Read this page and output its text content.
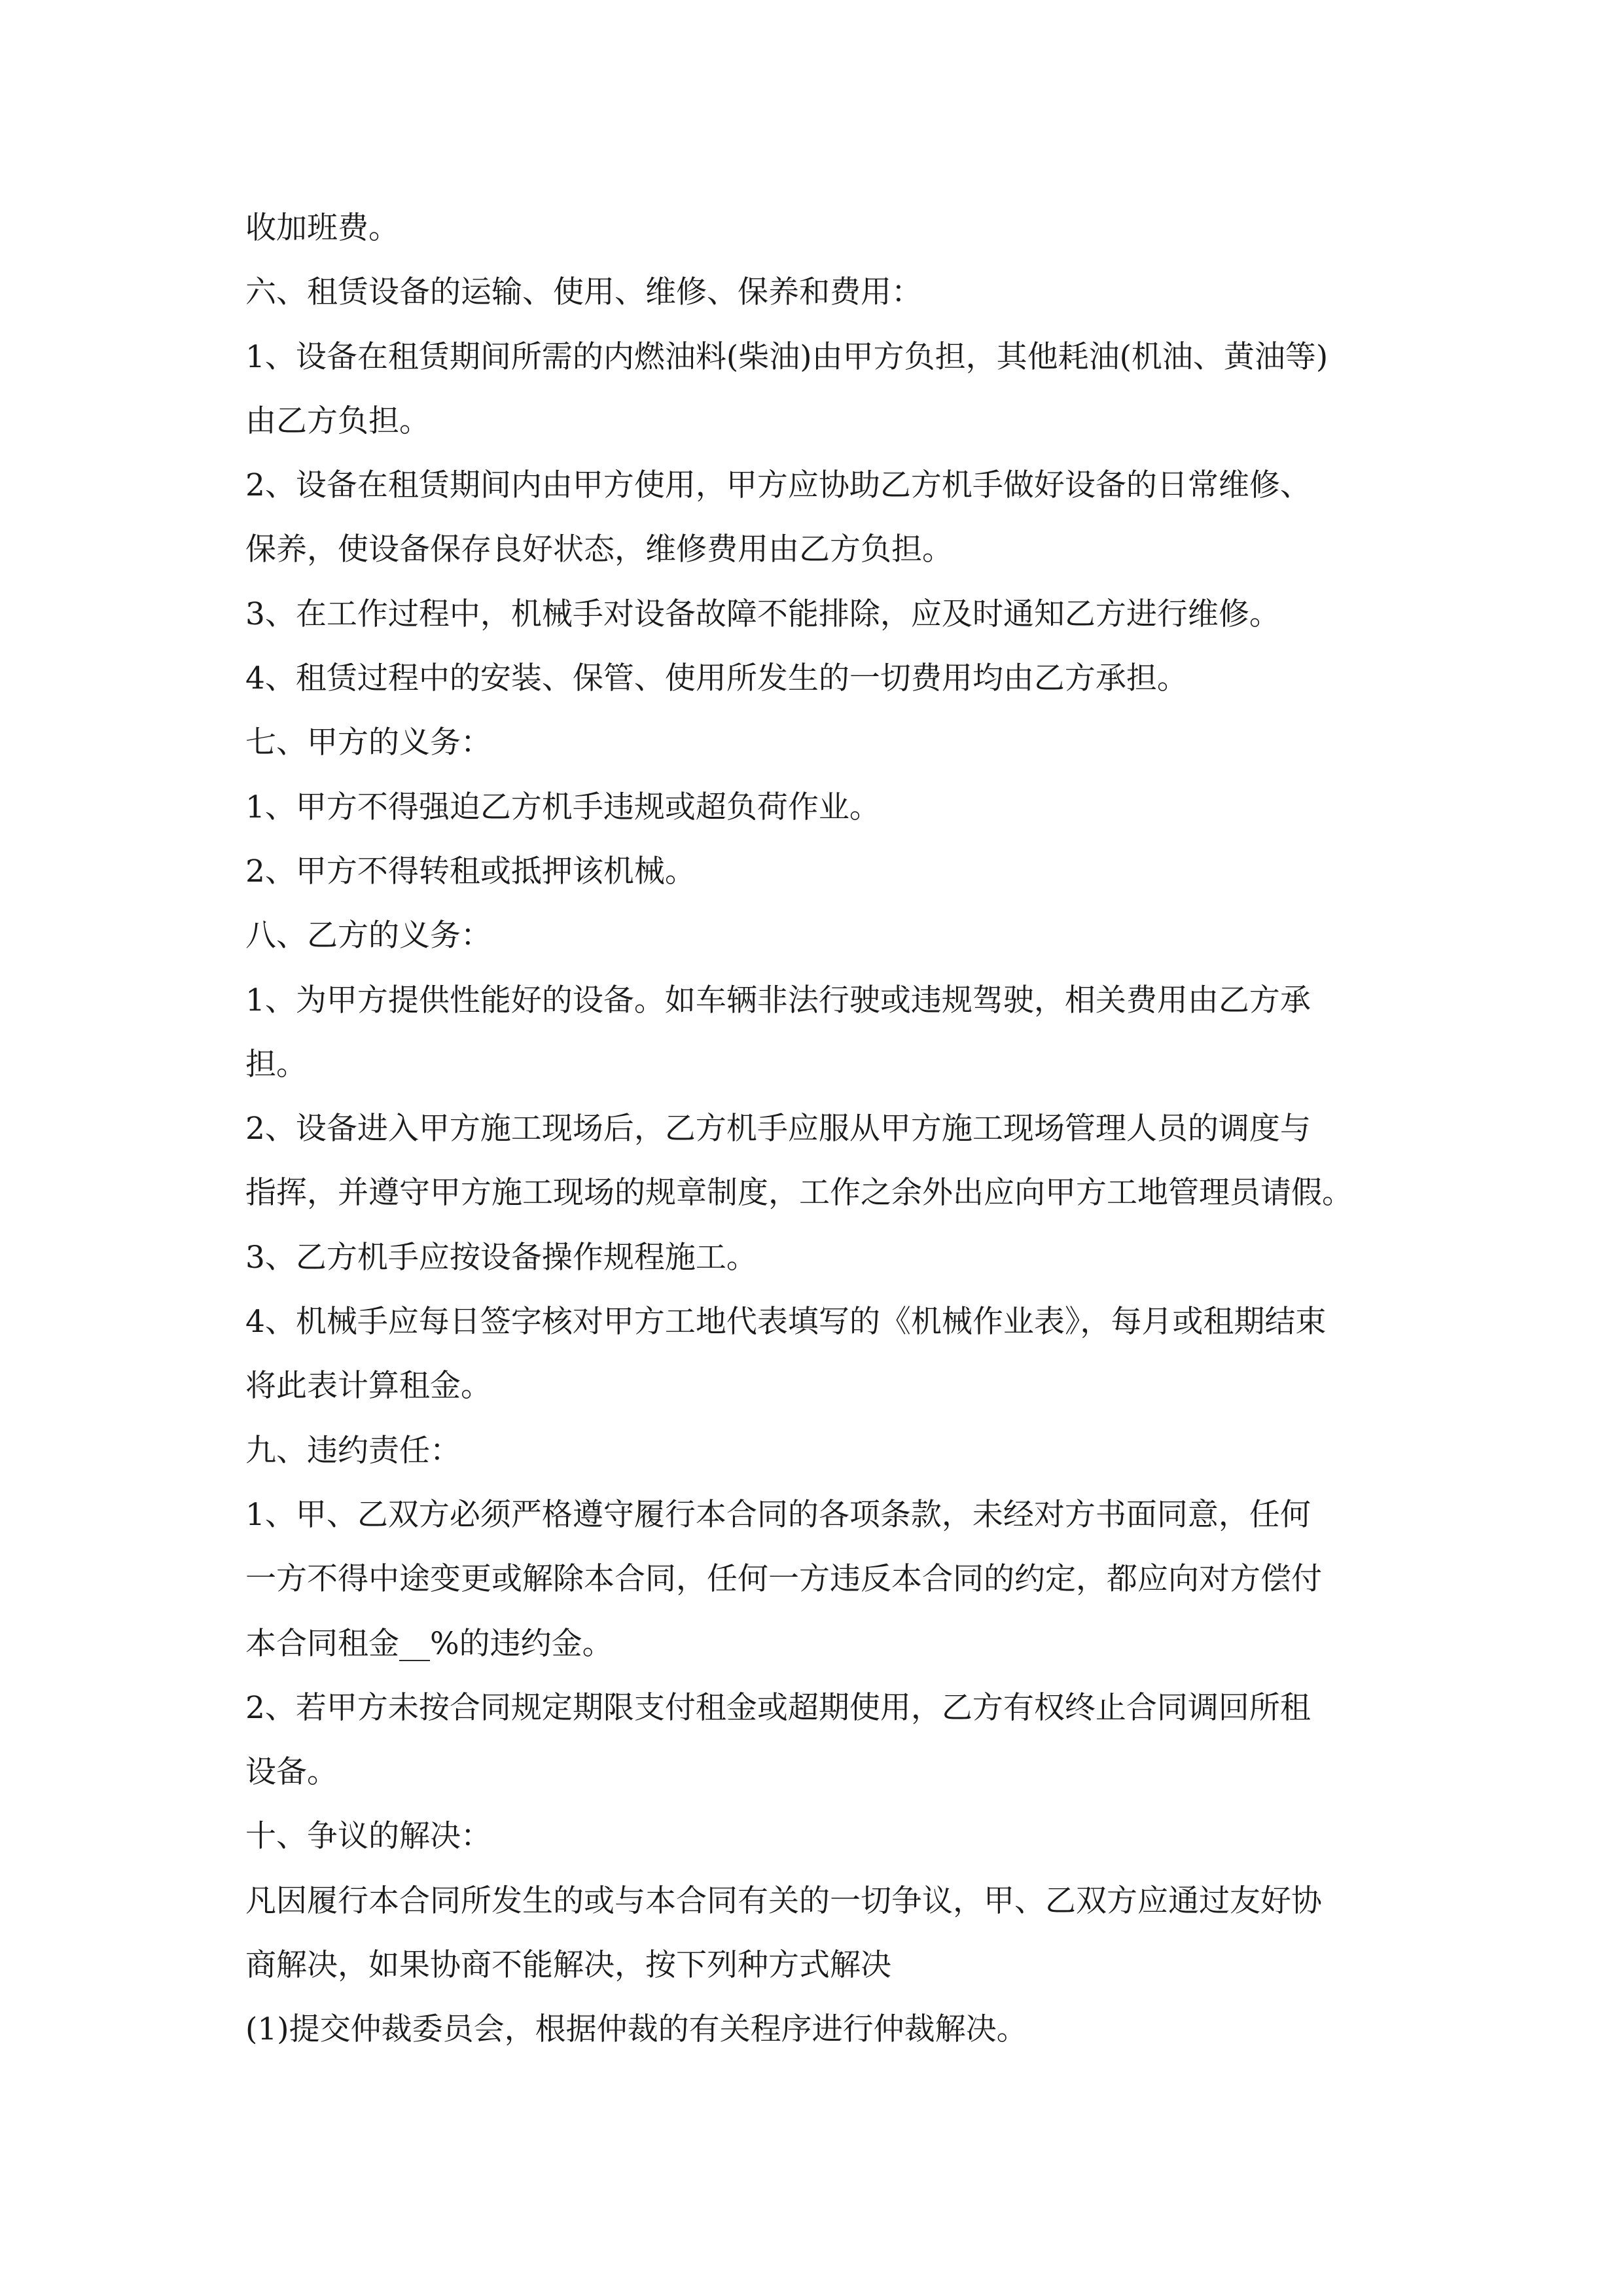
收加班费。
六、租赁设备的运输、使用、维修、保养和费用：
1、设备在租赁期间所需的内燃油料(柴油)由甲方负担，其他耗油(机油、黄油等)
由乙方负担。
2、设备在租赁期间内由甲方使用，甲方应协助乙方机手做好设备的日常维修、
保养，使设备保存良好状态，维修费用由乙方负担。
3、在工作过程中，机械手对设备故障不能排除，应及时通知乙方进行维修。
4、租赁过程中的安装、保管、使用所发生的一切费用均由乙方承担。
七、甲方的义务：
1、甲方不得强迫乙方机手违规或超负荷作业。
2、甲方不得转租或抵押该机械。
八、乙方的义务：
1、为甲方提供性能好的设备。如车辆非法行驶或违规驾驶，相关费用由乙方承
担。
2、设备进入甲方施工现场后，乙方机手应服从甲方施工现场管理人员的调度与
指挥，并遵守甲方施工现场的规章制度，工作之余外出应向甲方工地管理员请假。
3、乙方机手应按设备操作规程施工。
4、机械手应每日签字核对甲方工地代表填写的《机械作业表》，每月或租期结束
将此表计算租金。
九、违约责任：
1、甲、乙双方必须严格遵守履行本合同的各项条款，未经对方书面同意，任何
一方不得中途变更或解除本合同，任何一方违反本合同的约定，都应向对方偿付
本合同租金__%的违约金。
2、若甲方未按合同规定期限支付租金或超期使用，乙方有权终止合同调回所租
设备。
十、争议的解决：
凡因履行本合同所发生的或与本合同有关的一切争议，甲、乙双方应通过友好协
商解决，如果协商不能解决，按下列种方式解决
(1)提交仲裁委员会，根据仲裁的有关程序进行仲裁解决。
